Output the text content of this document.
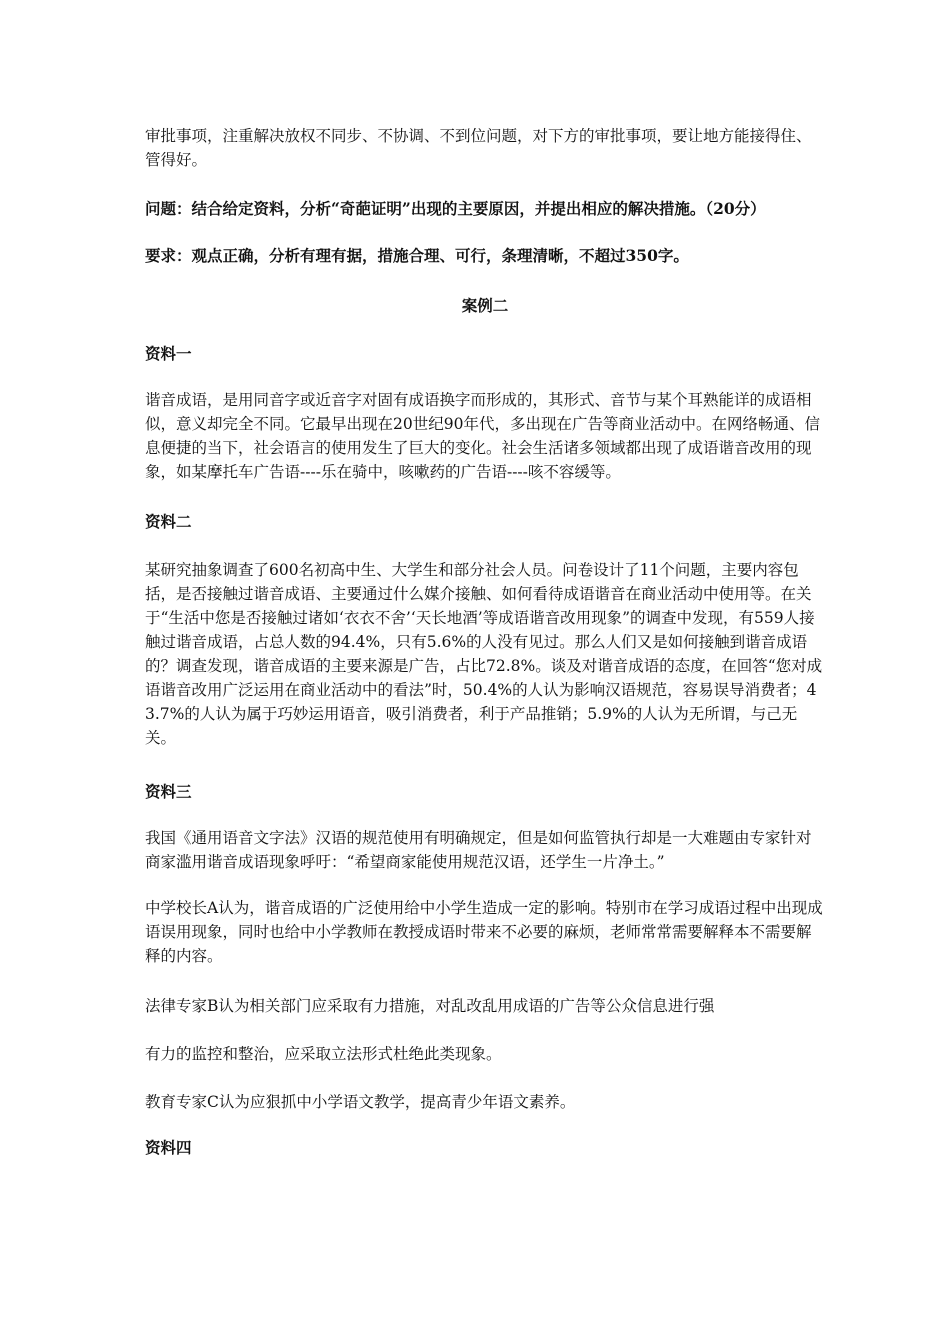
审批事项，注重解决放权不同步、不协调、不到位问题，对下方的审批事项，要让地方能接得住、管得好。

问题：结合给定资料，分析“奇葩证明”出现的主要原因，并提出相应的解决措施。（20分）

要求：观点正确，分析有理有据，措施合理、可行，条理清晰，不超过350字。

案例二

资料一

谐音成语，是用同音字或近音字对固有成语换字而形成的，其形式、音节与某个耳熟能详的成语相似，意义却完全不同。它最早出现在20世纪90年代，多出现在广告等商业活动中。在网络畅通、信息便捷的当下，社会语言的使用发生了巨大的变化。社会生活诸多领域都出现了成语谐音改用的现象，如某摩托车广告语----乐在骑中，咳嗽药的广告语----咳不容缓等。

资料二

某研究抽象调查了600名初高中生、大学生和部分社会人员。问卷设计了11个问题，主要内容包括，是否接触过谐音成语、主要通过什么媒介接触、如何看待成语谐音在商业活动中使用等。在关于“生活中您是否接触过诸如‘衣衣不舍’‘天长地酒’等成语谐音改用现象”的调查中发现，有559人接触过谐音成语，占总人数的94.4%，只有5.6%的人没有见过。那么人们又是如何接触到谐音成语的？调查发现，谐音成语的主要来源是广告，占比72.8%。谈及对谐音成语的态度，在回答“您对成语谐音改用广泛运用在商业活动中的看法”时，50.4%的人认为影响汉语规范，容易误导消费者；43.7%的人认为属于巧妙运用语音，吸引消费者，利于产品推销；5.9%的人认为无所谓，与己无关。

资料三

我国《通用语音文字法》汉语的规范使用有明确规定，但是如何监管执行却是一大难题由专家针对商家滥用谐音成语现象呼吁：“希望商家能使用规范汉语，还学生一片净土。”

中学校长A认为，谐音成语的广泛使用给中小学生造成一定的影响。特别市在学习成语过程中出现成语误用现象，同时也给中小学教师在教授成语时带来不必要的麻烦，老师常常需要解释本不需要解释的内容。

法律专家B认为相关部门应采取有力措施，对乱改乱用成语的广告等公众信息进行强

有力的监控和整治，应采取立法形式杜绝此类现象。

教育专家C认为应狠抓中小学语文教学，提高青少年语文素养。

资料四
